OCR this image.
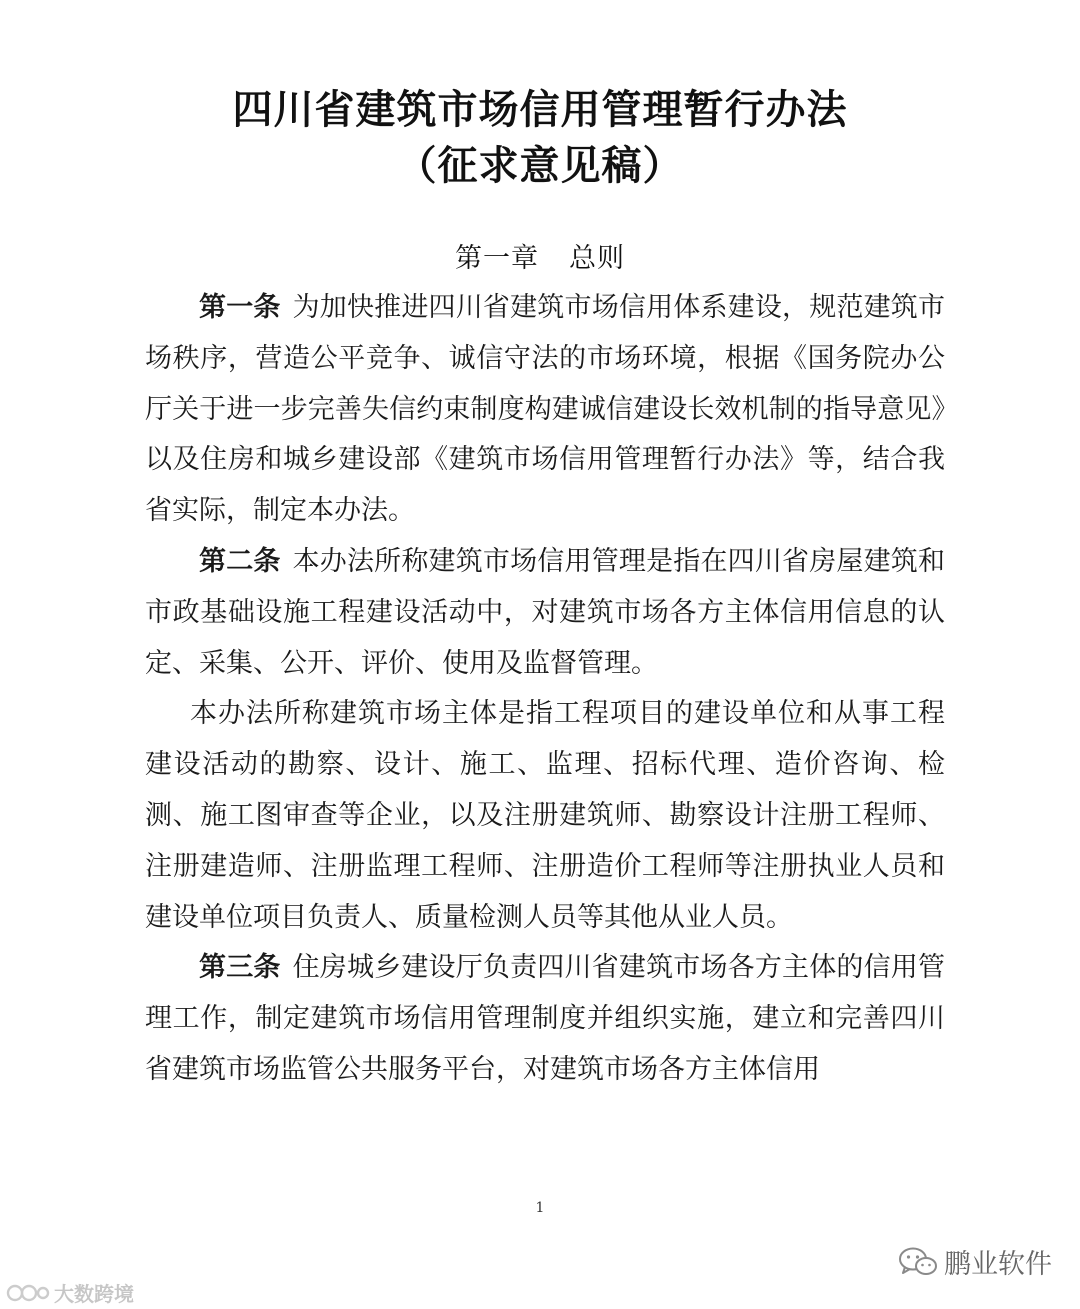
四川省建筑市场信用管理暂行办法
（征求意见稿）
第一章 总则

第一条 为加快推进四川省建筑市场信用体系建设，规范建筑市场秩序，营造公平竞争、诚信守法的市场环境，根据《国务院办公厅关于进一步完善失信约束制度构建诚信建设长效机制的指导意见》以及住房和城乡建设部《建筑市场信用管理暂行办法》等，结合我省实际，制定本办法。

第二条 本办法所称建筑市场信用管理是指在四川省房屋建筑和市政基础设施工程建设活动中，对建筑市场各方主体信用信息的认定、采集、公开、评价、使用及监督管理。

本办法所称建筑市场主体是指工程项目的建设单位和从事工程建设活动的勘察、设计、施工、监理、招标代理、造价咨询、检测、施工图审查等企业，以及注册建筑师、勘察设计注册工程师、注册建造师、注册监理工程师、注册造价工程师等注册执业人员和建设单位项目负责人、质量检测人员等其他从业人员。

第三条 住房城乡建设厅负责四川省建筑市场各方主体的信用管理工作，制定建筑市场信用管理制度并组织实施，建立和完善四川省建筑市场监管公共服务平台，对建筑市场各方主体信用

1
鹏业软件
大数跨境
